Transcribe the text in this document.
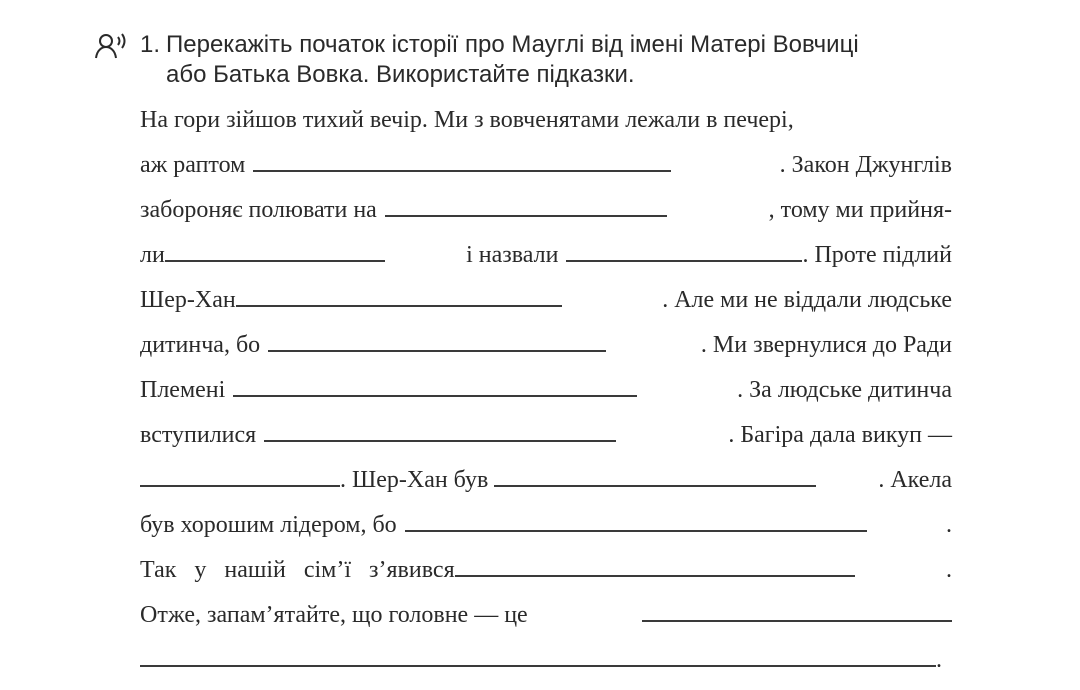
1. Перекажіть початок історії про Мауглі від імені Матері Вовчиці
або Батька Вовка. Використайте підказки.
На гори зійшов тихий вечір. Ми з вовченятами лежали в печері,
аж раптом	. Закон Джунглів
забороняє полювати на	, тому ми прийня-
ли	і назвали	. Проте підлий
Шер-Хан	. Але ми не віддали людське
дитинча, бо	. Ми звернулися до Ради
Племені	. За людське дитинча
вступилися	. Багіра дала викуп —
. Шер-Хан був	. Акела
був хорошим лідером, бо	.
Так у нашій сім’ї з’явився	.
Отже, запам’ятайте, що головне — це
.
